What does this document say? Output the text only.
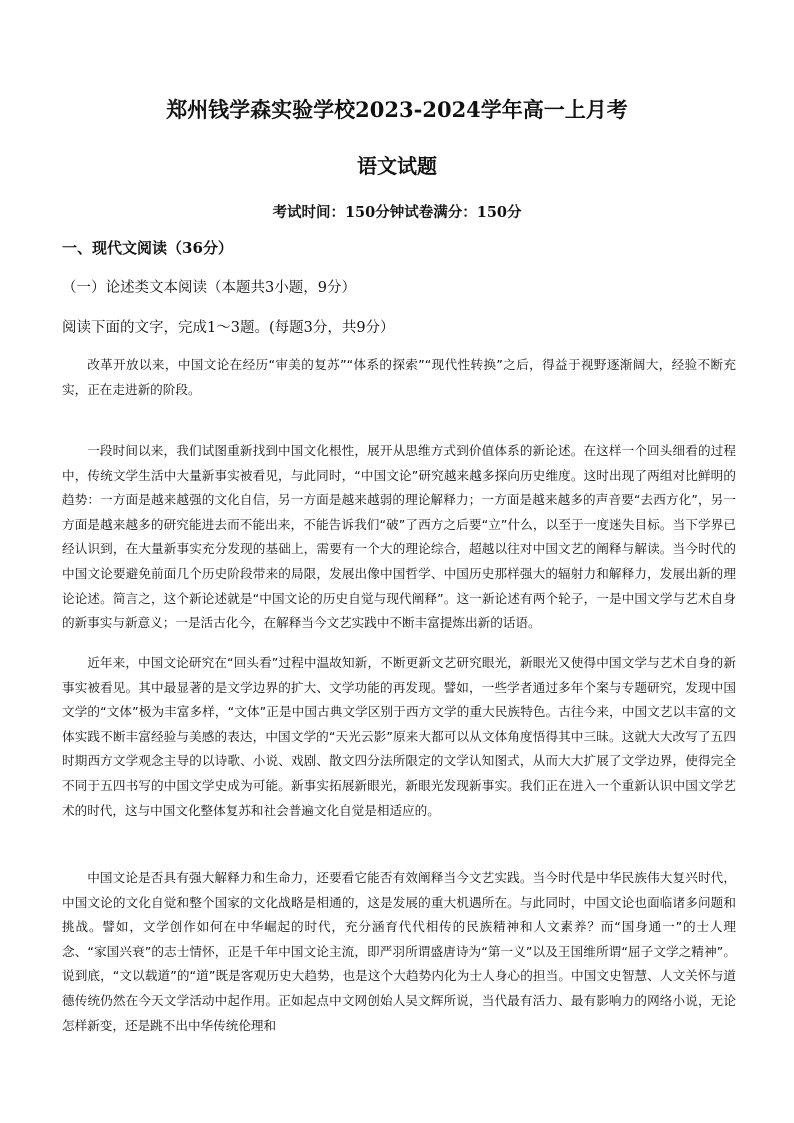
郑州钱学森实验学校2023-2024学年高一上月考
语文试题
考试时间：150分钟试卷满分：150分
一、现代文阅读（36分）
（一）论述类文本阅读（本题共3小题，9分）
阅读下面的文字，完成1～3题。(每题3分，共9分）

改革开放以来，中国文论在经历“审美的复苏”“体系的探索”“现代性转换”之后，得益于视野逐渐阔大，经验不断充实，正在走进新的阶段。

一段时间以来，我们试图重新找到中国文化根性，展开从思维方式到价值体系的新论述。在这样一个回头细看的过程中，传统文学生活中大量新事实被看见，与此同时，“中国文论”研究越来越多探向历史维度。这时出现了两组对比鲜明的趋势：一方面是越来越强的文化自信，另一方面是越来越弱的理论解释力；一方面是越来越多的声音要“去西方化”，另一方面是越来越多的研究能进去而不能出来，不能告诉我们“破”了西方之后要“立”什么，以至于一度迷失目标。当下学界已经认识到，在大量新事实充分发现的基础上，需要有一个大的理论综合，超越以往对中国文艺的阐释与解读。当今时代的中国文论要避免前面几个历史阶段带来的局限，发展出像中国哲学、中国历史那样强大的辐射力和解释力，发展出新的理论论述。简言之，这个新论述就是“中国文论的历史自觉与现代阐释”。这一新论述有两个轮子，一是中国文学与艺术自身的新事实与新意义；一是活古化今，在解释当今文艺实践中不断丰富提炼出新的话语。

近年来，中国文论研究在“回头看”过程中温故知新，不断更新文艺研究眼光，新眼光又使得中国文学与艺术自身的新事实被看见。其中最显著的是文学边界的扩大、文学功能的再发现。譬如，一些学者通过多年个案与专题研究，发现中国文学的“文体”极为丰富多样，“文体”正是中国古典文学区别于西方文学的重大民族特色。古往今来，中国文艺以丰富的文体实践不断丰富经验与美感的表达，中国文学的“天光云影”原来大都可以从文体角度悟得其中三昧。这就大大改写了五四时期西方文学观念主导的以诗歌、小说、戏剧、散文四分法所限定的文学认知图式，从而大大扩展了文学边界，使得完全不同于五四书写的中国文学史成为可能。新事实拓展新眼光，新眼光发现新事实。我们正在进入一个重新认识中国文学艺术的时代，这与中国文化整体复苏和社会普遍文化自觉是相适应的。

中国文论是否具有强大解释力和生命力，还要看它能否有效阐释当今文艺实践。当今时代是中华民族伟大复兴时代，中国文论的文化自觉和整个国家的文化战略是相通的，这是发展的重大机遇所在。与此同时，中国文论也面临诸多问题和挑战。譬如，文学创作如何在中华崛起的时代，充分涵育代代相传的民族精神和人文素养？而“国身通一”的士人理念、“家国兴衰”的志士情怀，正是千年中国文论主流，即严羽所谓盛唐诗为“第一义”以及王国维所谓“屈子文学之精神”。说到底，“文以载道”的“道”既是客观历史大趋势，也是这个大趋势内化为士人身心的担当。中国文史智慧、人文关怀与道德传统仍然在今天文学活动中起作用。正如起点中文网创始人吴文辉所说，当代最有活力、最有影响力的网络小说，无论怎样新变，还是跳不出中华传统伦理和
